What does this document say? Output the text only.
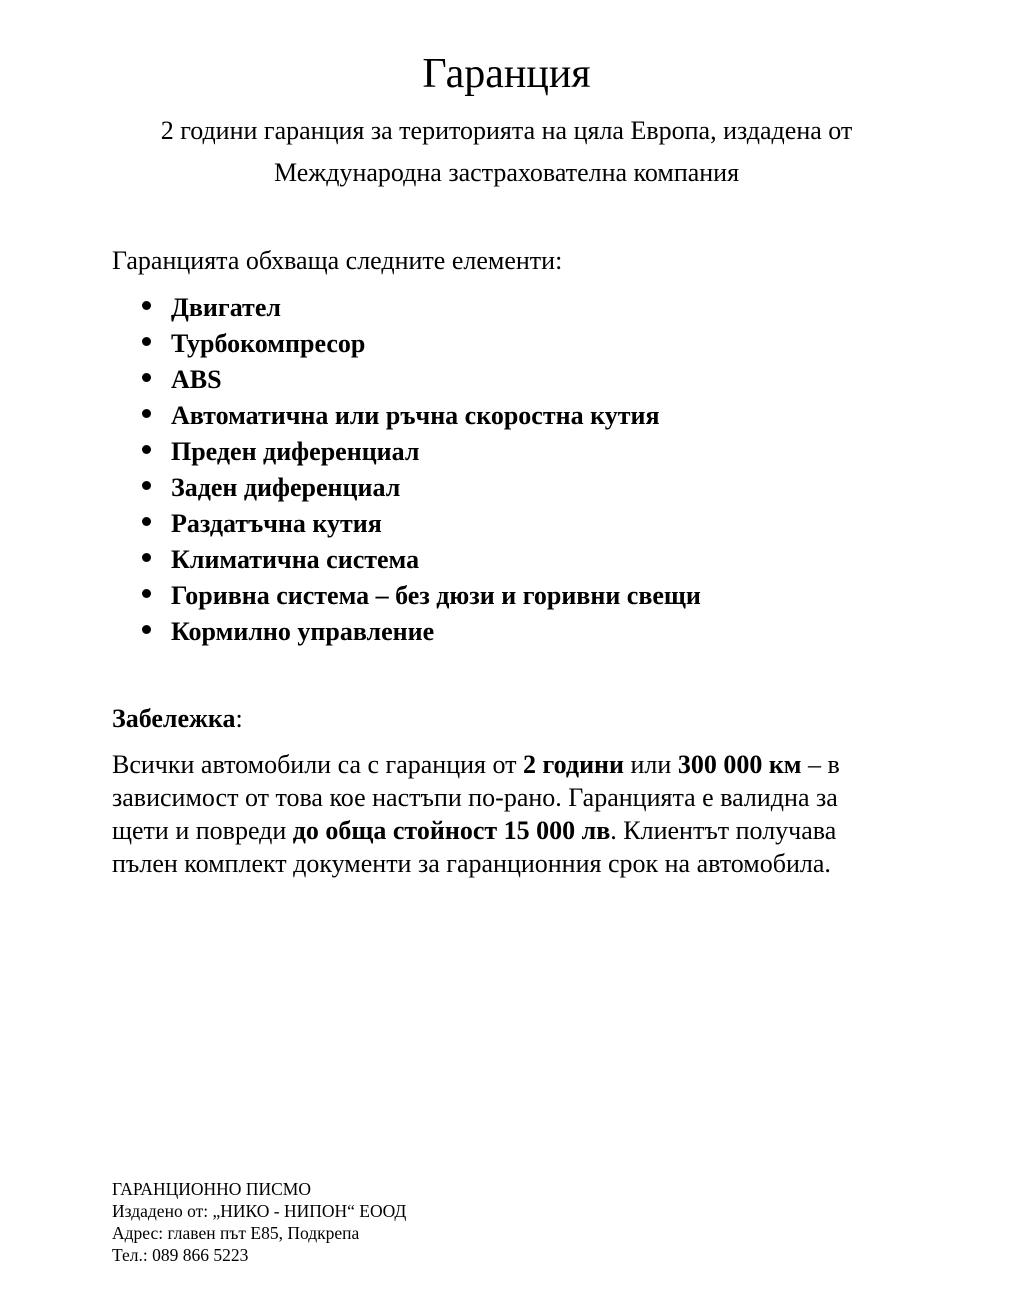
Гаранция
2 години гаранция за територията на цяла Европа, издадена от
Международна застрахователна компания

Гаранцията обхваща следните елементи:

Двигател
Турбокомпресор
ABS
Автоматична или ръчна скоростна кутия
Преден диференциал
Заден диференциал
Раздатъчна кутия
Климатична система
Горивна система – без дюзи и горивни свещи
Кормилно управление

Забележка:

Всички автомобили са с гаранция от 2 години или 300 000 км – в зависимост от това кое настъпи по-рано. Гаранцията е валидна за щети и повреди до обща стойност 15 000 лв. Клиентът получава пълен комплект документи за гаранционния срок на автомобила.

ГАРАНЦИОННО ПИСМО
Издадено от: „НИКО - НИПОН“ ЕООД
Адрес: главен път Е85, Подкрепа
Тел.: 089 866 5223
